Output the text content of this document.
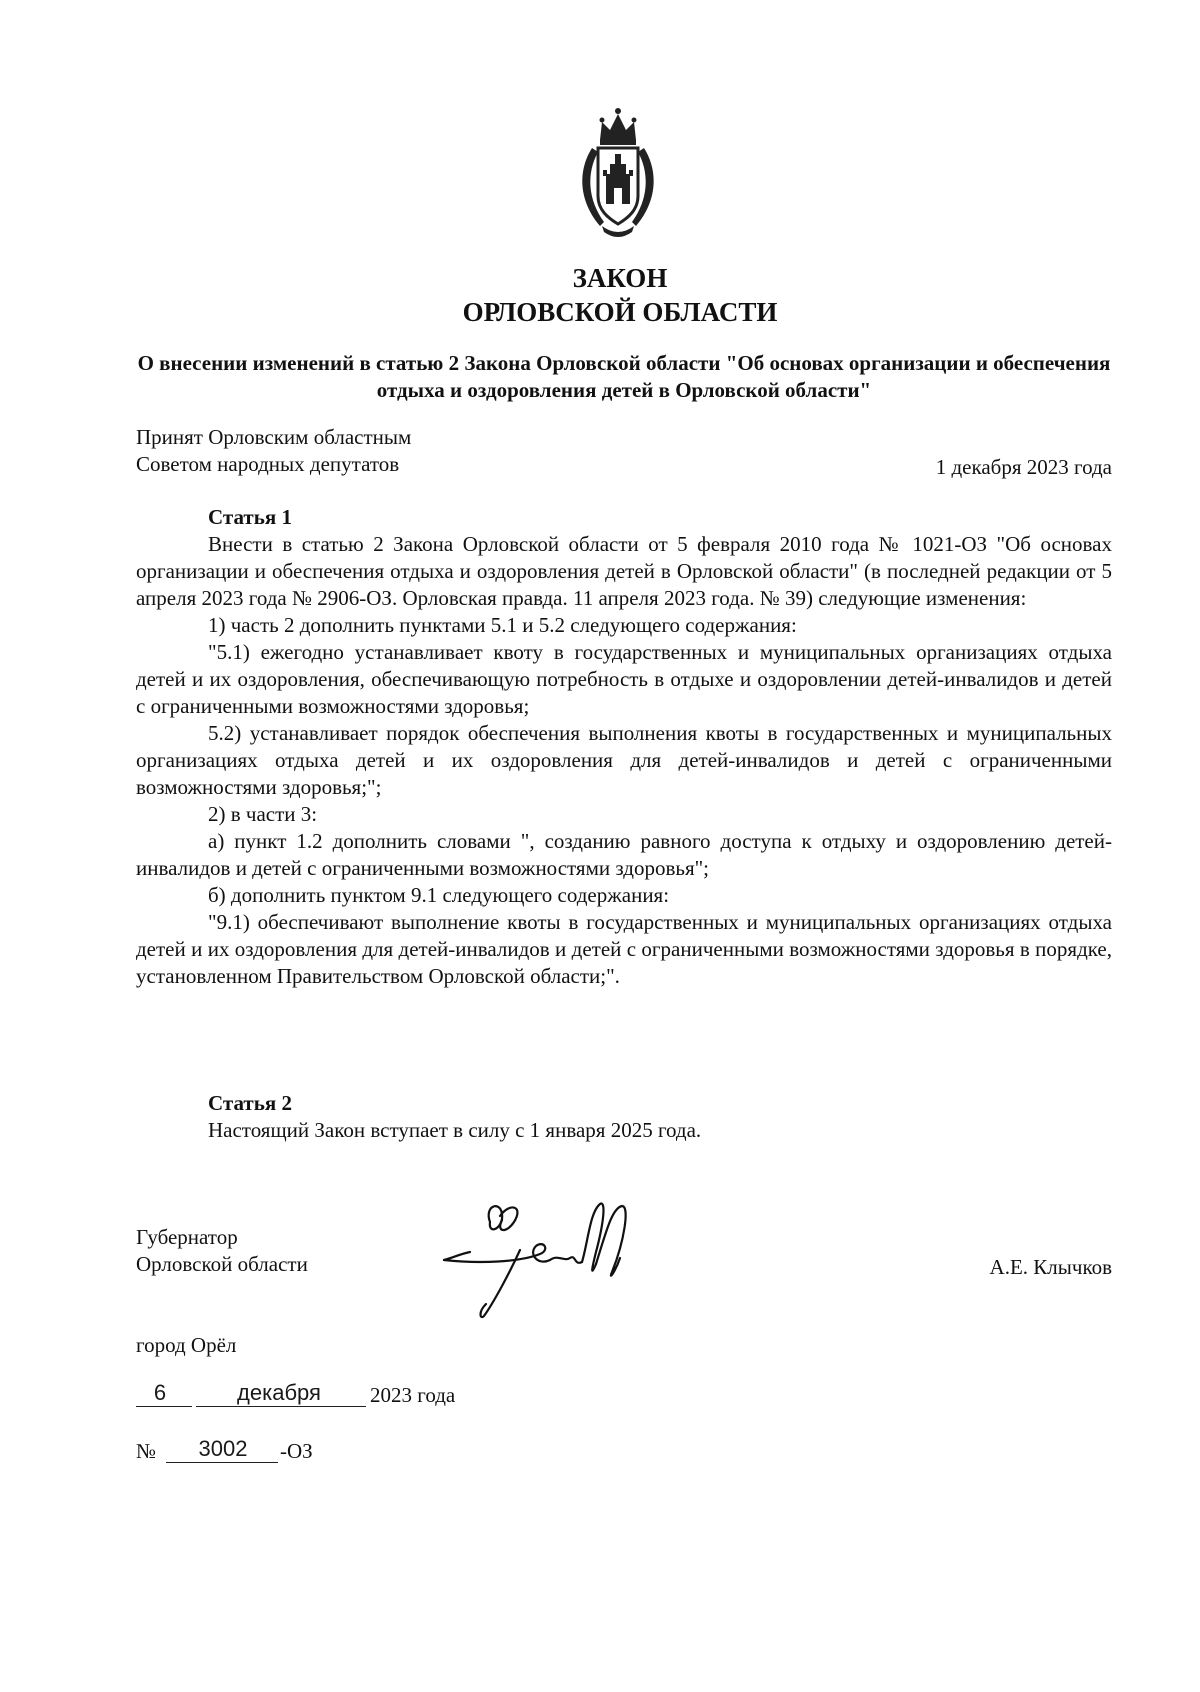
ЗАКОН
ОРЛОВСКОЙ ОБЛАСТИ
О внесении изменений в статью 2 Закона Орловской области "Об основах организации и обеспечения отдыха и оздоровления детей в Орловской области"
Принят Орловским областным
Советом народных депутатов	1 декабря 2023 года

Статья 1

Внести в статью 2 Закона Орловской области от 5 февраля 2010 года № 1021-ОЗ "Об основах организации и обеспечения отдыха и оздоровления детей в Орловской области" (в последней редакции от 5 апреля 2023 года № 2906-ОЗ. Орловская правда. 11 апреля 2023 года. № 39) следующие изменения:

1) часть 2 дополнить пунктами 5.1 и 5.2 следующего содержания:

"5.1) ежегодно устанавливает квоту в государственных и муниципальных организациях отдыха детей и их оздоровления, обеспечивающую потребность в отдыхе и оздоровлении детей-инвалидов и детей с ограниченными возможностями здоровья;

5.2) устанавливает порядок обеспечения выполнения квоты в государственных и муниципальных организациях отдыха детей и их оздоровления для детей-инвалидов и детей с ограниченными возможностями здоровья;";

2) в части 3:

а) пункт 1.2 дополнить словами ", созданию равного доступа к отдыху и оздоровлению детей-инвалидов и детей с ограниченными возможностями здоровья";

б) дополнить пунктом 9.1 следующего содержания:

"9.1) обеспечивают выполнение квоты в государственных и муниципальных организациях отдыха детей и их оздоровления для детей-инвалидов и детей с ограниченными возможностями здоровья в порядке, установленном Правительством Орловской области;".

Статья 2

Настоящий Закон вступает в силу с 1 января 2025 года.

Губернатор
Орловской области	А.Е. Клычков
город Орёл
6	декабря	2023 года
№	3002	-ОЗ
